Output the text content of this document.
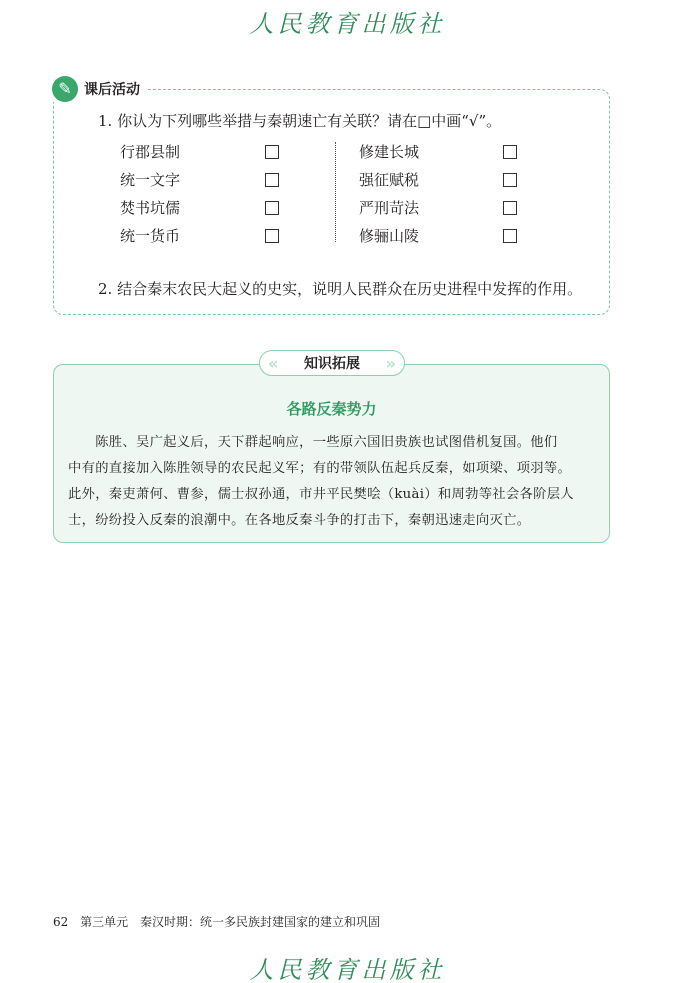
人民教育出版社
✎ 课后活动
1. 你认为下列哪些举措与秦朝速亡有关联？请在□中画“√”。
行郡县制
统一文字
焚书坑儒
统一货币
修建长城
强征赋税
严刑苛法
修骊山陵
2. 结合秦末农民大起义的史实，说明人民群众在历史进程中发挥的作用。
« 知识拓展 »
各路反秦势力
　　陈胜、吴广起义后，天下群起响应，一些原六国旧贵族也试图借机复国。他们
中有的直接加入陈胜领导的农民起义军；有的带领队伍起兵反秦，如项梁、项羽等。
此外，秦吏萧何、曹参，儒士叔孙通，市井平民樊哙（kuài）和周勃等社会各阶层人
士，纷纷投入反秦的浪潮中。在各地反秦斗争的打击下，秦朝迅速走向灭亡。
62 第三单元 秦汉时期：统一多民族封建国家的建立和巩固
人民教育出版社
